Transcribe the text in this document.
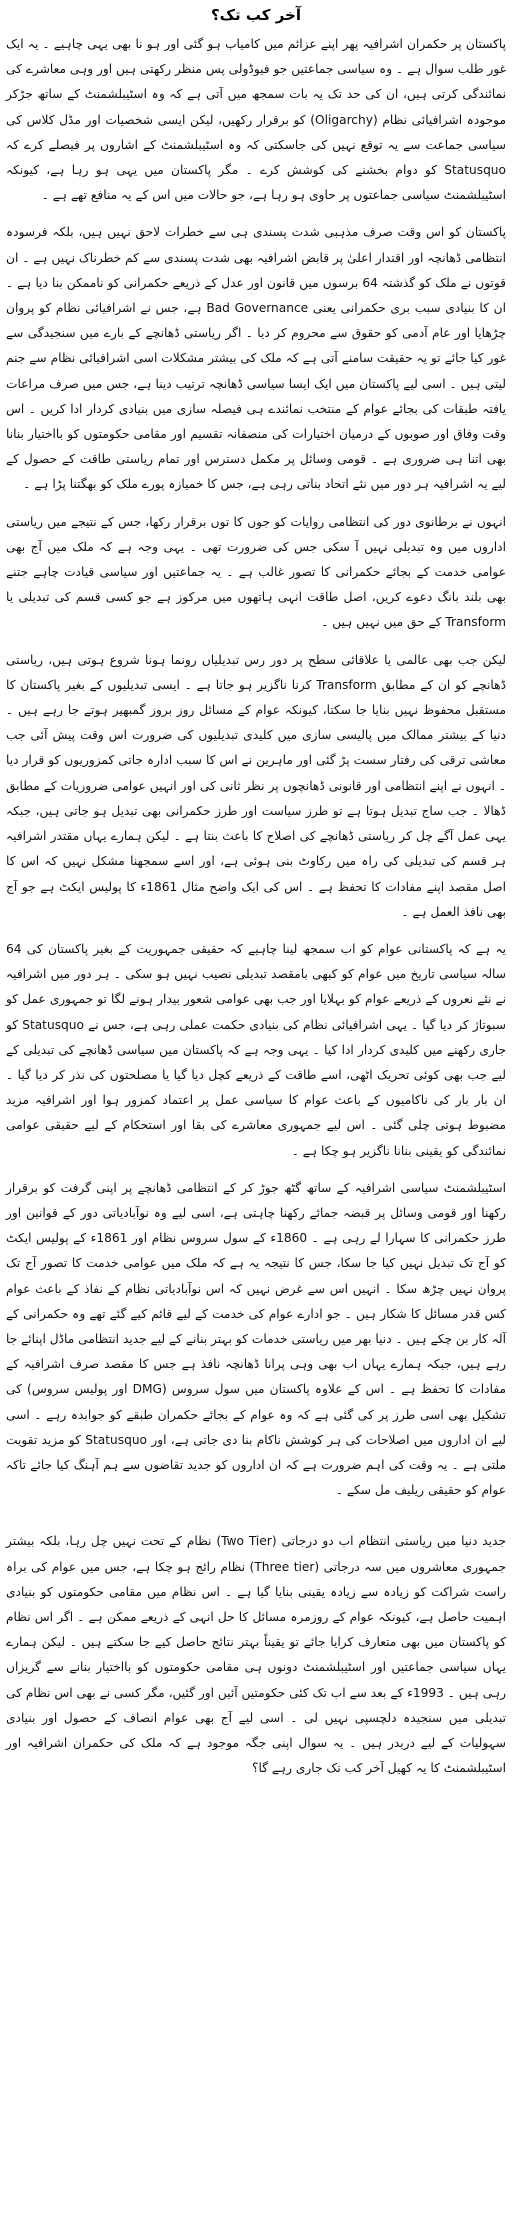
آخر کب تک؟

پاکستان پر حکمران اشرافیہ پھر اپنے عزائم میں کامیاب ہو گئی اور ہو نا بھی یہی چاہیے ۔ یہ ایک غور طلب سوال ہے ۔ وہ سیاسی جماعتیں جو فیوڈولی پس منظر رکھتی ہیں اور وہی معاشرے کی نمائندگی کرتی ہیں، ان کی حد تک یہ بات سمجھ میں آتی ہے کہ وہ اسٹیبلشمنٹ کے ساتھ جڑکر موجودہ اشرافیائی نظام (Oligarchy) کو برقرار رکھیں، لیکن ایسی شخصیات اور مڈل کلاس کی سیاسی جماعت سے یہ توقع نہیں کی جاسکتی کہ وہ اسٹیبلشمنٹ کے اشاروں پر فیصلے کرے کہ Statusquo کو دوام بخشنے کی کوشش کرے ۔ مگر پاکستان میں یہی ہو رہا ہے، کیونکہ اسٹیبلشمنٹ سیاسی جماعتوں پر حاوی ہو رہا ہے، جو حالات میں اس کے یہ منافع تھے ہے ۔

پاکستان کو اس وقت صرف مذہبی شدت پسندی ہی سے خطرات لاحق نہیں ہیں، بلکہ فرسودہ انتظامی ڈھانچہ اور اقتدار اعلیٰ پر قابض اشرافیہ بھی شدت پسندی سے کم خطرناک نہیں ہے ۔ ان قوتوں نے ملک کو گذشتہ 64 برسوں میں قانون اور عدل کے ذریعے حکمرانی کو ناممکن بنا دیا ہے ۔ ان کا بنیادی سبب بری حکمرانی یعنی Bad Governance ہے، جس نے اشرافیائی نظام کو پروان چڑھایا اور عام آدمی کو حقوق سے محروم کر دیا ۔ اگر ریاستی ڈھانچے کے بارے میں سنجیدگی سے غور کیا جائے تو یہ حقیقت سامنے آتی ہے کہ ملک کی بیشتر مشکلات اسی اشرافیائی نظام سے جنم لیتی ہیں ۔ اسی لیے پاکستان میں ایک ایسا سیاسی ڈھانچہ ترتیب دینا ہے، جس میں صرف مراعات یافتہ طبقات کی بجائے عوام کے منتخب نمائندے ہی فیصلہ سازی میں بنیادی کردار ادا کریں ۔ اس وقت وفاق اور صوبوں کے درمیان اختیارات کی منصفانہ تقسیم اور مقامی حکومتوں کو بااختیار بنانا بھی اتنا ہی ضروری ہے ۔ قومی وسائل پر مکمل دسترس اور تمام ریاستی طاقت کے حصول کے لیے یہ اشرافیہ ہر دور میں نئے اتحاد بناتی رہی ہے، جس کا خمیازہ پورے ملک کو بھگتنا پڑا ہے ۔

انہوں نے برطانوی دور کی انتظامی روایات کو جوں کا توں برقرار رکھا، جس کے نتیجے میں ریاستی اداروں میں وہ تبدیلی نہیں آ سکی جس کی ضرورت تھی ۔ یہی وجہ ہے کہ ملک میں آج بھی عوامی خدمت کے بجائے حکمرانی کا تصور غالب ہے ۔ یہ جماعتیں اور سیاسی قیادت چاہے جتنے بھی بلند بانگ دعوے کریں، اصل طاقت انہی ہاتھوں میں مرکوز ہے جو کسی قسم کی تبدیلی یا Transform کے حق میں نہیں ہیں ۔

لیکن جب بھی عالمی یا علاقائی سطح پر دور رس تبدیلیاں رونما ہونا شروع ہوتی ہیں، ریاستی ڈھانچے کو ان کے مطابق Transform کرنا ناگزیر ہو جاتا ہے ۔ ایسی تبدیلیوں کے بغیر پاکستان کا مستقبل محفوظ نہیں بنایا جا سکتا، کیونکہ عوام کے مسائل روز بروز گمبھیر ہوتے جا رہے ہیں ۔ دنیا کے بیشتر ممالک میں پالیسی سازی میں کلیدی تبدیلیوں کی ضرورت اس وقت پیش آئی جب معاشی ترقی کی رفتار سست پڑ گئی اور ماہرین نے اس کا سبب ادارہ جاتی کمزوریوں کو قرار دیا ۔ انہوں نے اپنے انتظامی اور قانونی ڈھانچوں پر نظر ثانی کی اور انہیں عوامی ضروریات کے مطابق ڈھالا ۔ جب ساج تبدیل ہوتا ہے تو طرز سیاست اور طرز حکمرانی بھی تبدیل ہو جاتی ہیں، جبکہ یہی عمل آگے چل کر ریاستی ڈھانچے کی اصلاح کا باعث بنتا ہے ۔ لیکن ہمارے یہاں مقتدر اشرافیہ ہر قسم کی تبدیلی کی راہ میں رکاوٹ بنی ہوئی ہے، اور اسے سمجھنا مشکل نہیں کہ اس کا اصل مقصد اپنے مفادات کا تحفظ ہے ۔ اس کی ایک واضح مثال 1861ء کا پولیس ایکٹ ہے جو آج بھی نافذ العمل ہے ۔

یہ ہے کہ پاکستانی عوام کو اب سمجھ لینا چاہیے کہ حقیقی جمہوریت کے بغیر پاکستان کی 64 سالہ سیاسی تاریخ میں عوام کو کبھی بامقصد تبدیلی نصیب نہیں ہو سکی ۔ ہر دور میں اشرافیہ نے نئے نعروں کے ذریعے عوام کو بہلایا اور جب بھی عوامی شعور بیدار ہونے لگا تو جمہوری عمل کو سبوتاژ کر دیا گیا ۔ یہی اشرافیائی نظام کی بنیادی حکمت عملی رہی ہے، جس نے Statusquo کو جاری رکھنے میں کلیدی کردار ادا کیا ۔ یہی وجہ ہے کہ پاکستان میں سیاسی ڈھانچے کی تبدیلی کے لیے جب بھی کوئی تحریک اٹھی، اسے طاقت کے ذریعے کچل دیا گیا یا مصلحتوں کی نذر کر دیا گیا ۔ ان بار بار کی ناکامیوں کے باعث عوام کا سیاسی عمل پر اعتماد کمزور ہوا اور اشرافیہ مزید مضبوط ہوتی چلی گئی ۔ اس لیے جمہوری معاشرے کی بقا اور استحکام کے لیے حقیقی عوامی نمائندگی کو یقینی بنانا ناگزیر ہو چکا ہے ۔

اسٹیبلشمنٹ سیاسی اشرافیہ کے ساتھ گٹھ جوڑ کر کے انتظامی ڈھانچے پر اپنی گرفت کو برقرار رکھنا اور قومی وسائل پر قبضہ جمائے رکھنا چاہتی ہے، اسی لیے وہ نوآبادیاتی دور کے قوانین اور طرز حکمرانی کا سہارا لے رہی ہے ۔ 1860ء کے سول سروس نظام اور 1861ء کے پولیس ایکٹ کو آج تک تبدیل نہیں کیا جا سکا، جس کا نتیجہ یہ ہے کہ ملک میں عوامی خدمت کا تصور آج تک پروان نہیں چڑھ سکا ۔ انہیں اس سے غرض نہیں کہ اس نوآبادیاتی نظام کے نفاذ کے باعث عوام کس قدر مسائل کا شکار ہیں ۔ جو ادارے عوام کی خدمت کے لیے قائم کیے گئے تھے وہ حکمرانی کے آلہ کار بن چکے ہیں ۔ دنیا بھر میں ریاستی خدمات کو بہتر بنانے کے لیے جدید انتظامی ماڈل اپنائے جا رہے ہیں، جبکہ ہمارے یہاں اب بھی وہی پرانا ڈھانچہ نافذ ہے جس کا مقصد صرف اشرافیہ کے مفادات کا تحفظ ہے ۔ اس کے علاوہ پاکستان میں سول سروس (DMG اور پولیس سروس) کی تشکیل بھی اسی طرز پر کی گئی ہے کہ وہ عوام کے بجائے حکمران طبقے کو جوابدہ رہے ۔ اسی لیے ان اداروں میں اصلاحات کی ہر کوشش ناکام بنا دی جاتی ہے، اور Statusquo کو مزید تقویت ملتی ہے ۔ یہ وقت کی اہم ضرورت ہے کہ ان اداروں کو جدید تقاضوں سے ہم آہنگ کیا جائے تاکہ عوام کو حقیقی ریلیف مل سکے ۔

جدید دنیا میں ریاستی انتظام اب دو درجاتی (Two Tier) نظام کے تحت نہیں چل رہا، بلکہ بیشتر جمہوری معاشروں میں سہ درجاتی (Three tier) نظام رائج ہو چکا ہے، جس میں عوام کی براہ راست شراکت کو زیادہ سے زیادہ یقینی بنایا گیا ہے ۔ اس نظام میں مقامی حکومتوں کو بنیادی اہمیت حاصل ہے، کیونکہ عوام کے روزمرہ مسائل کا حل انہی کے ذریعے ممکن ہے ۔ اگر اس نظام کو پاکستان میں بھی متعارف کرایا جائے تو یقیناً بہتر نتائج حاصل کیے جا سکتے ہیں ۔ لیکن ہمارے یہاں سیاسی جماعتیں اور اسٹیبلشمنٹ دونوں ہی مقامی حکومتوں کو بااختیار بنانے سے گریزاں رہی ہیں ۔ 1993ء کے بعد سے اب تک کئی حکومتیں آئیں اور گئیں، مگر کسی نے بھی اس نظام کی تبدیلی میں سنجیدہ دلچسپی نہیں لی ۔ اسی لیے آج بھی عوام انصاف کے حصول اور بنیادی سہولیات کے لیے دربدر ہیں ۔ یہ سوال اپنی جگہ موجود ہے کہ ملک کی حکمران اشرافیہ اور اسٹیبلشمنٹ کا یہ کھیل آخر کب تک جاری رہے گا؟
